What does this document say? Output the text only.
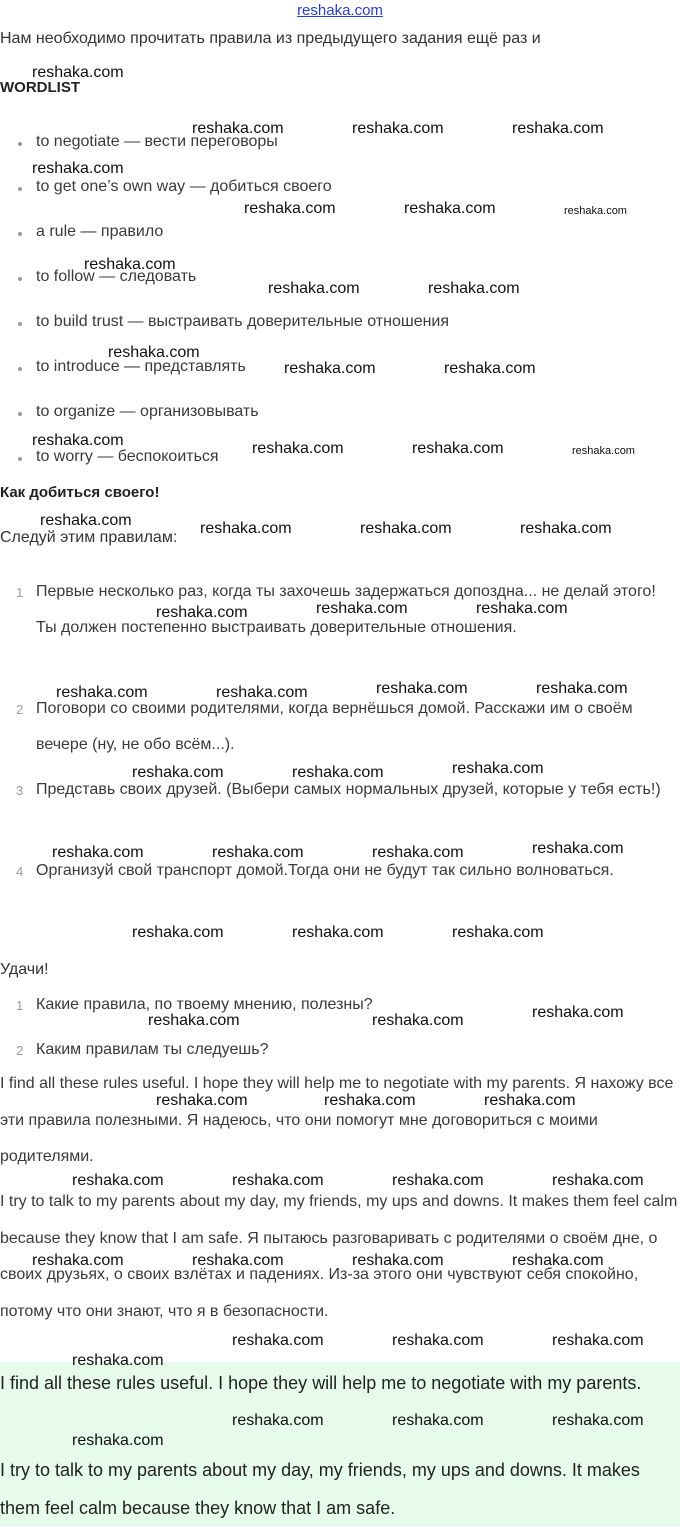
reshaka.com
Нам необходимо прочитать правила из предыдущего задания ещё раз и
WORDLIST
to negotiate — вести переговоры
to get one’s own way — добиться своего
a rule — правило
to follow — следовать
to build trust — выстраивать доверительные отношения
to introduce — представлять
to organize — организовывать
to worry — беспокоиться
Как добиться своего!
Следуй этим правилам:
1 Первые несколько раз, когда ты захочешь задержаться допоздна... не делай этого! Ты должен постепенно выстраивать доверительные отношения.
2 Поговори со своими родителями, когда вернёшься домой. Расскажи им о своём вечере (ну, не обо всём...).
3 Представь своих друзей. (Выбери самых нормальных друзей, которые у тебя есть!)
4 Организуй свой транспорт домой.Тогда они не будут так сильно волноваться.
Удачи!
1 Какие правила, по твоему мнению, полезны?
2 Каким правилам ты следуешь?
I find all these rules useful. I hope they will help me to negotiate with my parents. Я нахожу все эти правила полезными. Я надеюсь, что они помогут мне договориться с моими родителями.
I try to talk to my parents about my day, my friends, my ups and downs. It makes them feel calm because they know that I am safe. Я пытаюсь разговаривать с родителями о своём дне, о своих друзьях, о своих взлётах и падениях. Из-за этого они чувствуют себя спокойно, потому что они знают, что я в безопасности.
I find all these rules useful. I hope they will help me to negotiate with my parents.
I try to talk to my parents about my day, my friends, my ups and downs. It makes them feel calm because they know that I am safe.
reshaka.com
reshaka.com	reshaka.com	reshaka.com
reshaka.com
reshaka.com	reshaka.com	reshaka.com
reshaka.com
reshaka.com	reshaka.com
reshaka.com
reshaka.com	reshaka.com
reshaka.com	reshaka.com	reshaka.com	reshaka.com
reshaka.com	reshaka.com	reshaka.com	reshaka.com
reshaka.com	reshaka.com	reshaka.com
reshaka.com	reshaka.com	reshaka.com	reshaka.com
reshaka.com	reshaka.com	reshaka.com
reshaka.com	reshaka.com	reshaka.com	reshaka.com
reshaka.com	reshaka.com	reshaka.com
reshaka.com	reshaka.com	reshaka.com
reshaka.com	reshaka.com	reshaka.com
reshaka.com	reshaka.com	reshaka.com	reshaka.com
reshaka.com	reshaka.com	reshaka.com	reshaka.com
reshaka.com	reshaka.com	reshaka.com
reshaka.com
reshaka.com	reshaka.com	reshaka.com
reshaka.com
